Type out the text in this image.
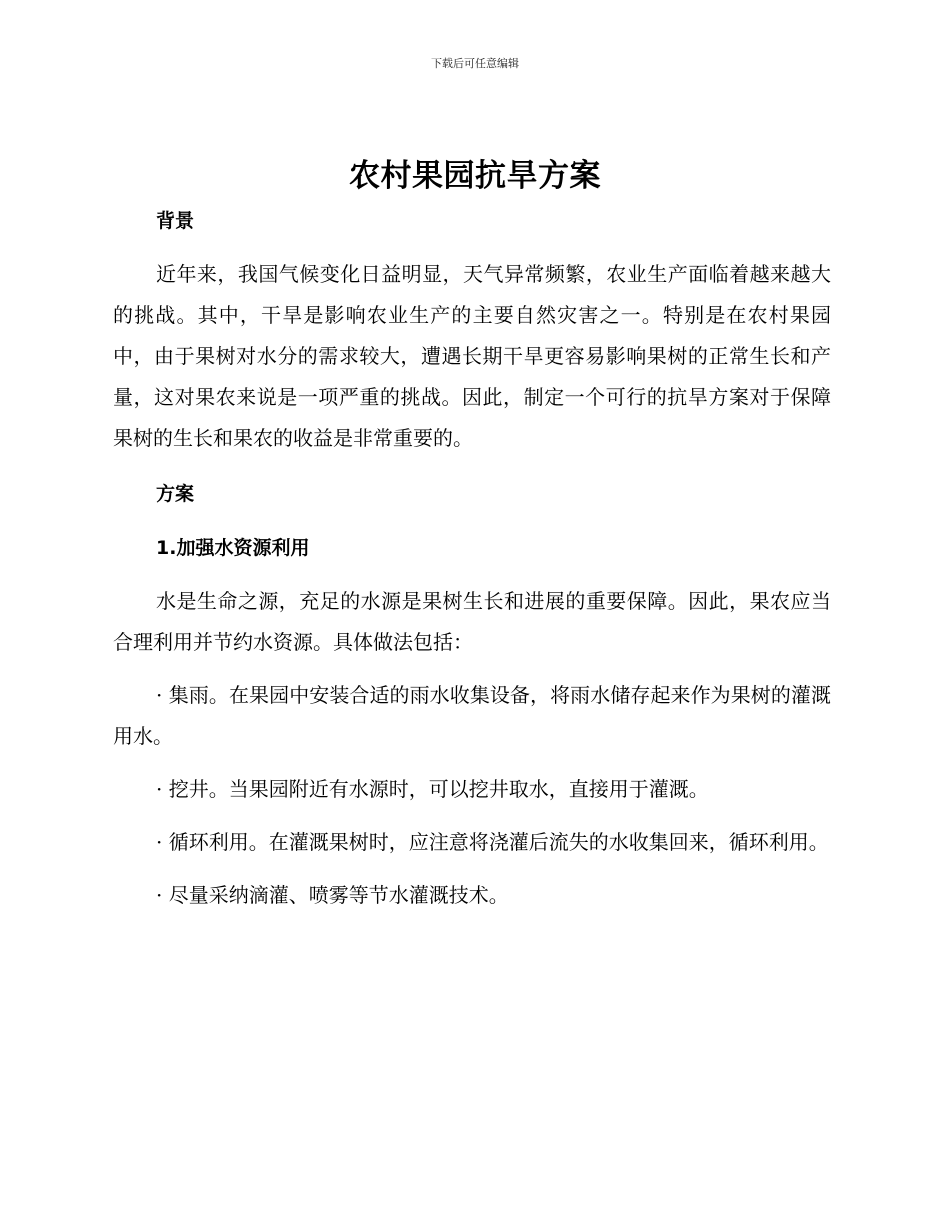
下载后可任意编辑
农村果园抗旱方案

背景

近年来，我国气候变化日益明显，天气异常频繁，农业生产面临着越来越大的挑战。其中，干旱是影响农业生产的主要自然灾害之一。特别是在农村果园中，由于果树对水分的需求较大，遭遇长期干旱更容易影响果树的正常生长和产量，这对果农来说是一项严重的挑战。因此，制定一个可行的抗旱方案对于保障果树的生长和果农的收益是非常重要的。

方案

1.加强水资源利用

水是生命之源，充足的水源是果树生长和进展的重要保障。因此，果农应当合理利用并节约水资源。具体做法包括：

· 集雨。在果园中安装合适的雨水收集设备，将雨水储存起来作为果树的灌溉用水。

· 挖井。当果园附近有水源时，可以挖井取水，直接用于灌溉。

· 循环利用。在灌溉果树时，应注意将浇灌后流失的水收集回来，循环利用。

· 尽量采纳滴灌、喷雾等节水灌溉技术。
